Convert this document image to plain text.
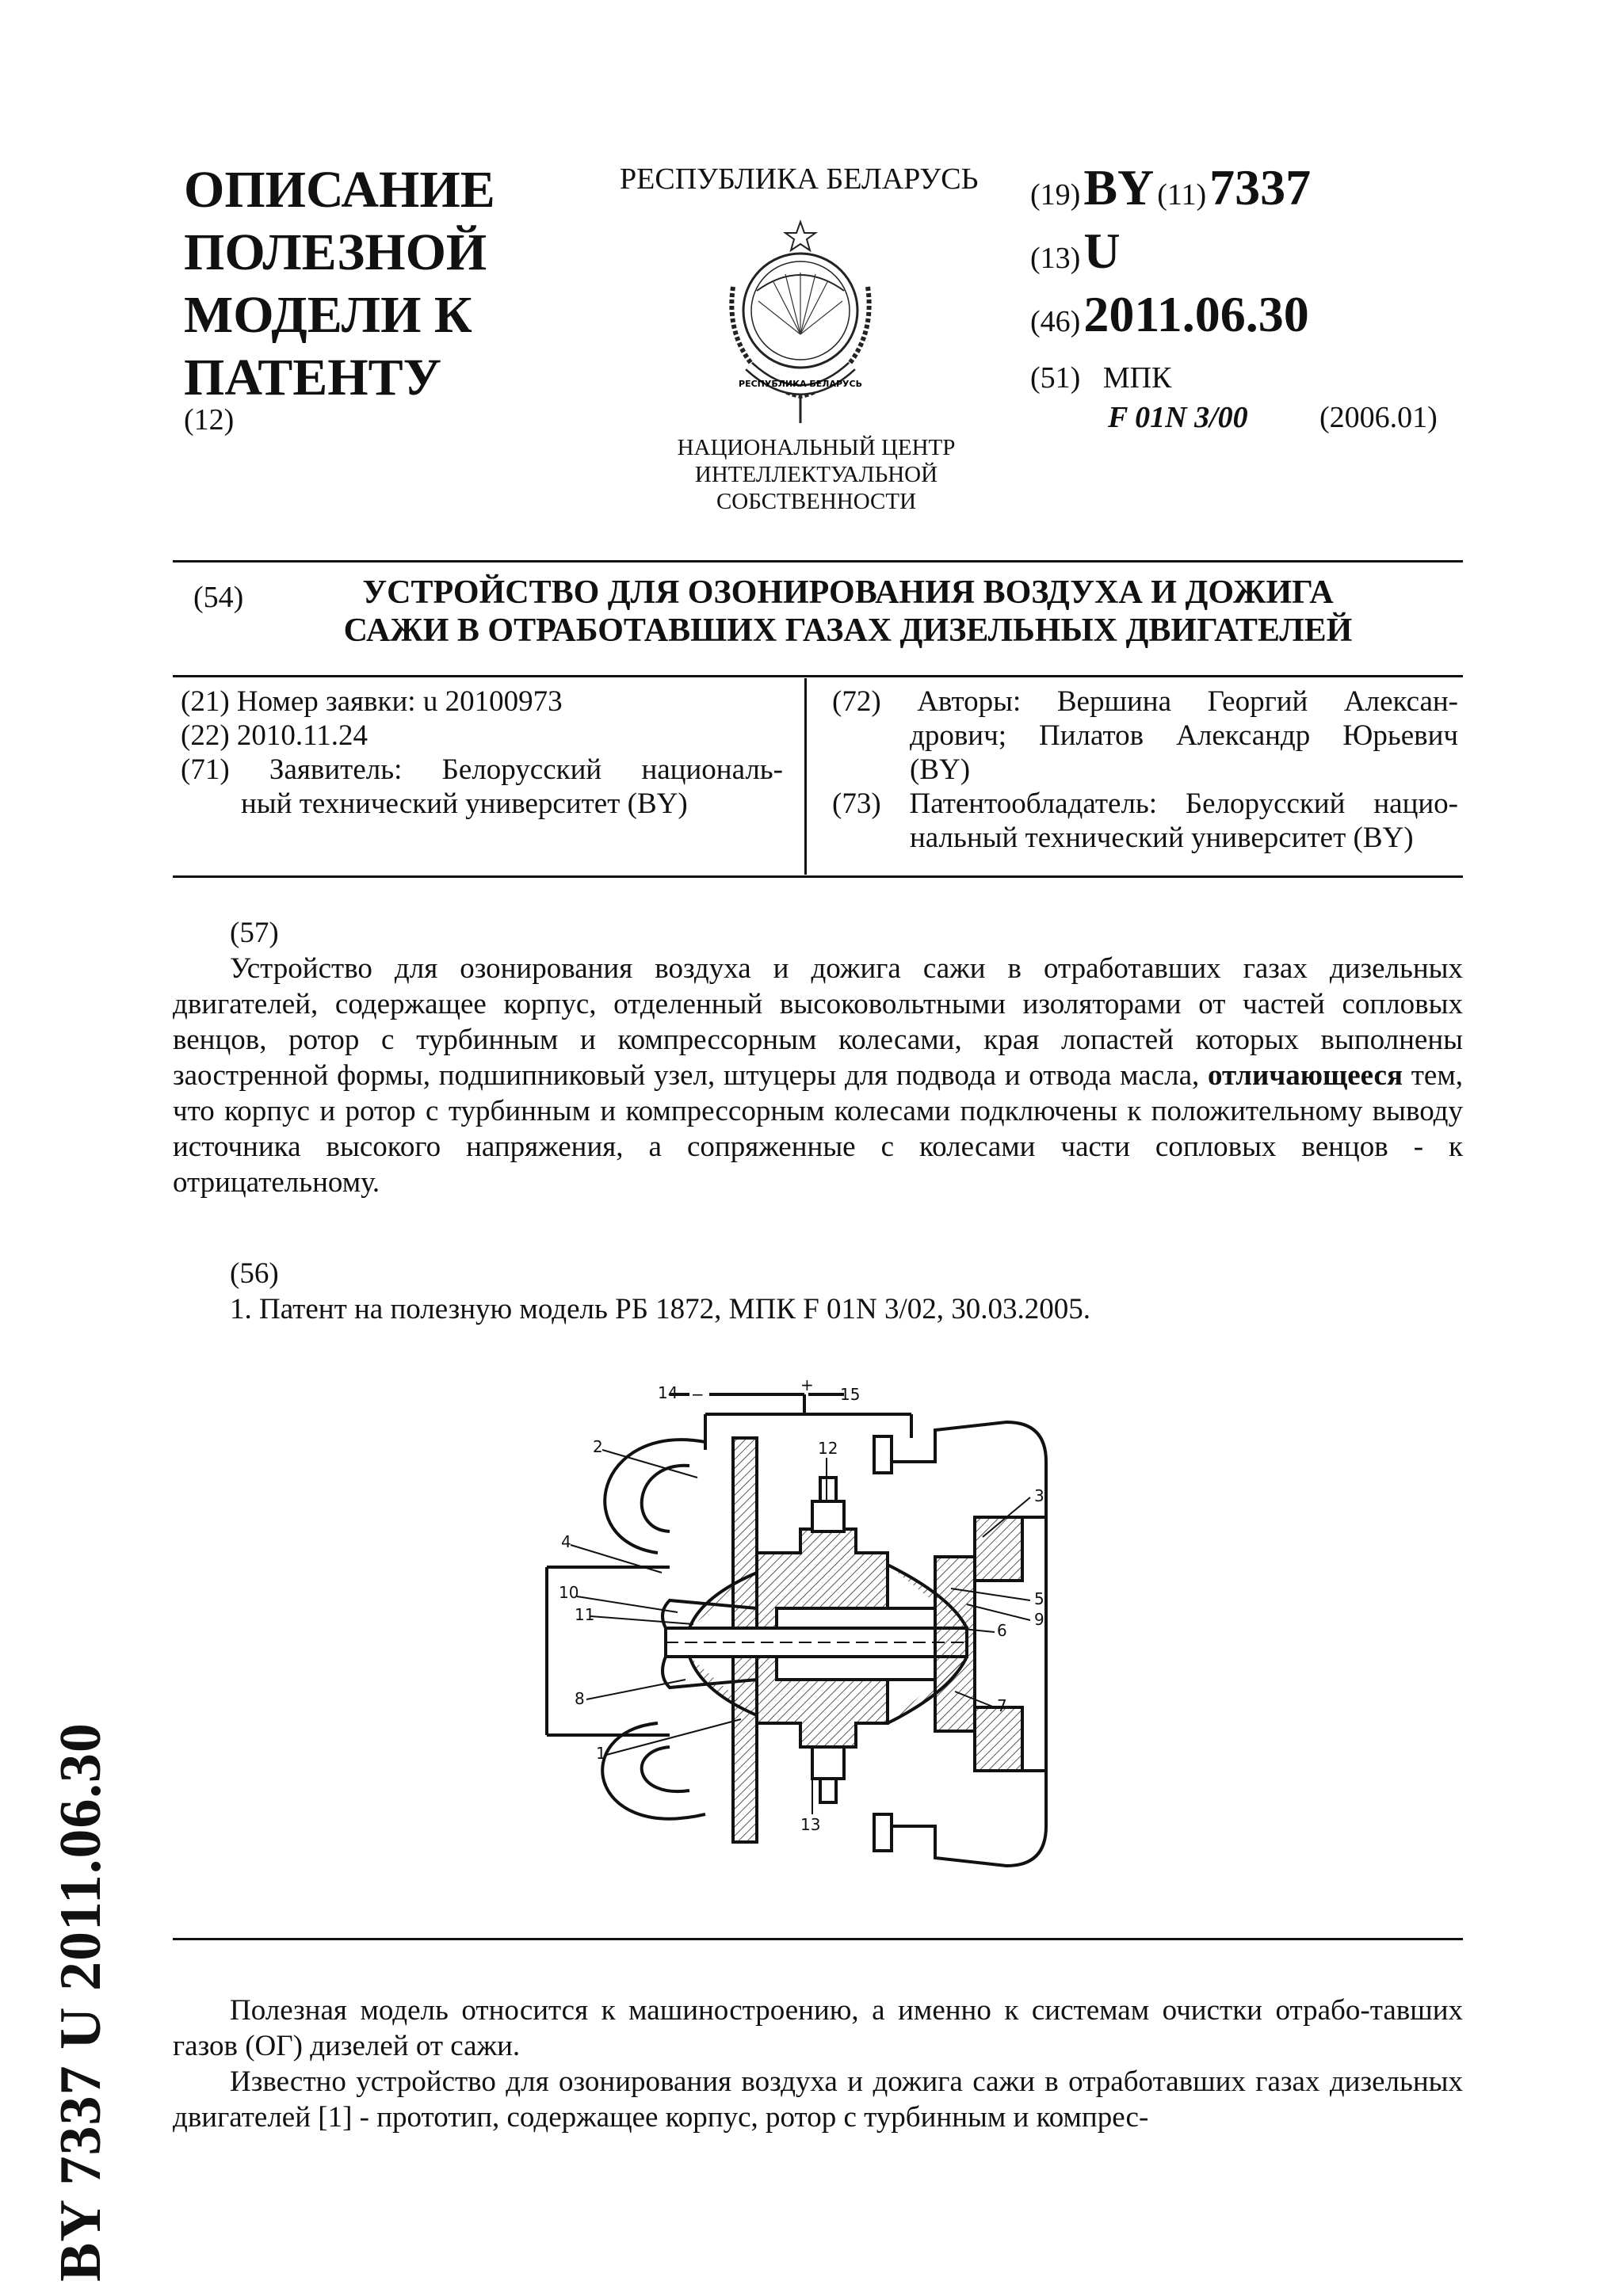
ОПИСАНИЕ
ПОЛЕЗНОЙ
МОДЕЛИ К
ПАТЕНТУ
(12)
РЕСПУБЛИКА БЕЛАРУСЬ
РЕСПУБЛИКА БЕЛАРУСЬ
НАЦИОНАЛЬНЫЙ ЦЕНТР
ИНТЕЛЛЕКТУАЛЬНОЙ
СОБСТВЕННОСТИ
(19)
BY
(11)
7337
(13)
U
(46)
2011.06.30
(51) МПК
F 01N 3/00 (2006.01)
(54)	УСТРОЙСТВО ДЛЯ ОЗОНИРОВАНИЯ ВОЗДУХА И ДОЖИГА
САЖИ В ОТРАБОТАВШИХ ГАЗАХ ДИЗЕЛЬНЫХ ДВИГАТЕЛЕЙ
(21) Номер заявки: u 20100973
(22) 2010.11.24
(71) Заявитель: Белорусский националь-
ный технический университет (BY)
(72) Авторы: Вершина Георгий Алексан-
дрович; Пилатов Александр Юрьевич
(BY)
(73) Патентообладатель: Белорусский нацио-
нальный технический университет (BY)
(57)
Устройство для озонирования воздуха и дожига сажи в отработавших газах дизельных двигателей, содержащее корпус, отделенный высоковольтными изоляторами от частей сопловых венцов, ротор с турбинным и компрессорным колесами, края лопастей которых выполнены заостренной формы, подшипниковый узел, штуцеры для подвода и отвода масла, отличающееся тем, что корпус и ротор с турбинным и компрессорным колесами подключены к положительному выводу источника высокого напряжения, а сопряженные с колесами части сопловых венцов - к отрицательному.
(56)
1. Патент на полезную модель РБ 1872, МПК F 01N 3/02, 30.03.2005.
14	15
−	+
2	12
3
4
5
9
10
11
6
8	7
1
13
Полезная модель относится к машиностроению, а именно к системам очистки отрабо-тавших газов (ОГ) дизелей от сажи.
Известно устройство для озонирования воздуха и дожига сажи в отработавших газах дизельных двигателей [1] - прототип, содержащее корпус, ротор с турбинным и компрес-
BY 7337 U 2011.06.30
